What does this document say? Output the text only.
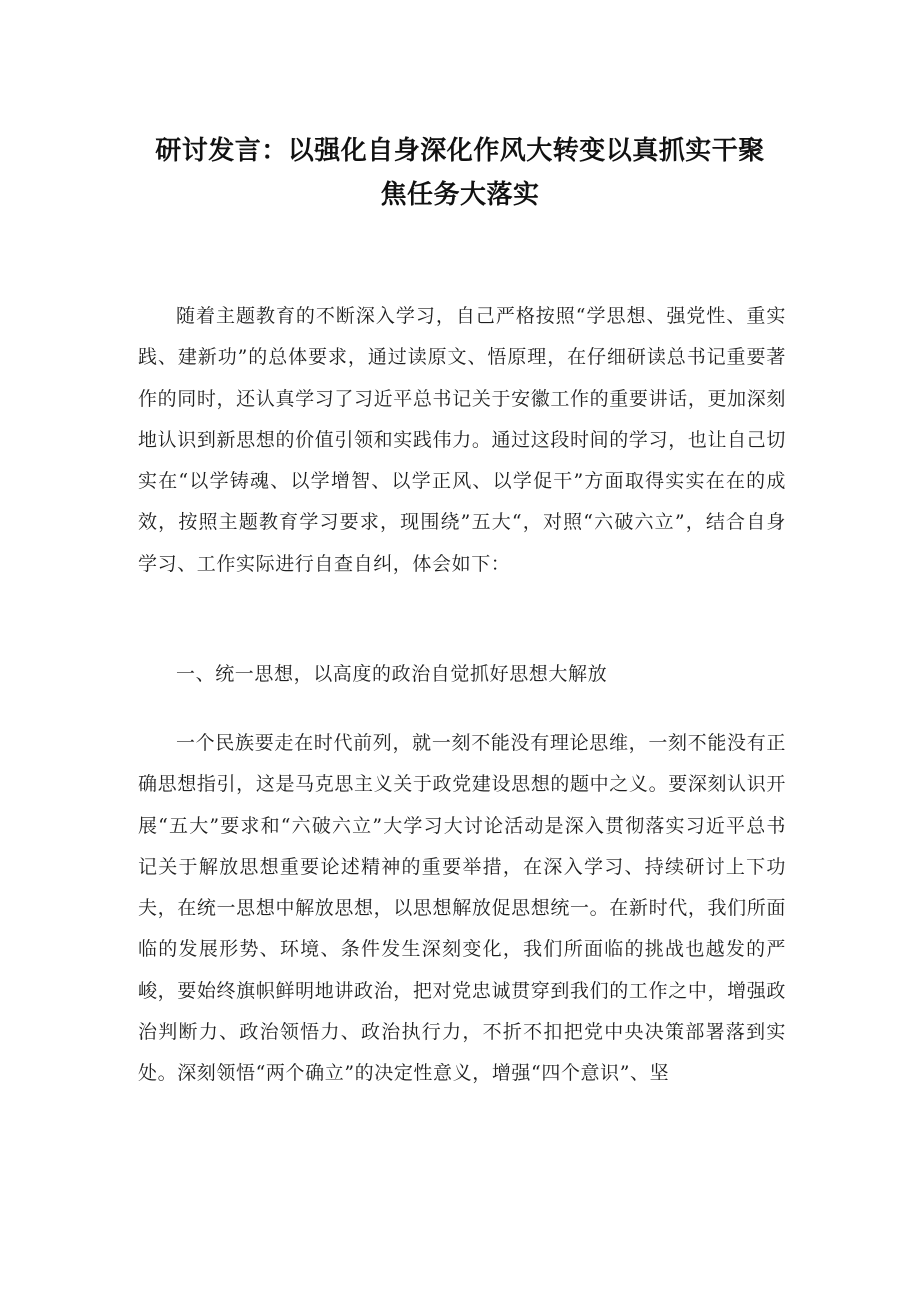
研讨发言：以强化自身深化作风大转变以真抓实干聚
焦任务大落实

随着主题教育的不断深入学习，自己严格按照“学思想、强党性、重实践、建新功”的总体要求，通过读原文、悟原理，在仔细研读总书记重要著作的同时，还认真学习了习近平总书记关于安徽工作的重要讲话，更加深刻地认识到新思想的价值引领和实践伟力。通过这段时间的学习，也让自己切实在“以学铸魂、以学增智、以学正风、以学促干”方面取得实实在在的成效，按照主题教育学习要求，现围绕”五大“，对照“六破六立”，结合自身学习、工作实际进行自查自纠，体会如下：

一、统一思想，以高度的政治自觉抓好思想大解放

一个民族要走在时代前列，就一刻不能没有理论思维，一刻不能没有正确思想指引，这是马克思主义关于政党建设思想的题中之义。要深刻认识开展“五大”要求和“六破六立”大学习大讨论活动是深入贯彻落实习近平总书记关于解放思想重要论述精神的重要举措，在深入学习、持续研讨上下功夫，在统一思想中解放思想，以思想解放促思想统一。在新时代，我们所面临的发展形势、环境、条件发生深刻变化，我们所面临的挑战也越发的严峻，要始终旗帜鲜明地讲政治，把对党忠诚贯穿到我们的工作之中，增强政治判断力、政治领悟力、政治执行力，不折不扣把党中央决策部署落到实处。深刻领悟“两个确立”的决定性意义，增强“四个意识”、坚
